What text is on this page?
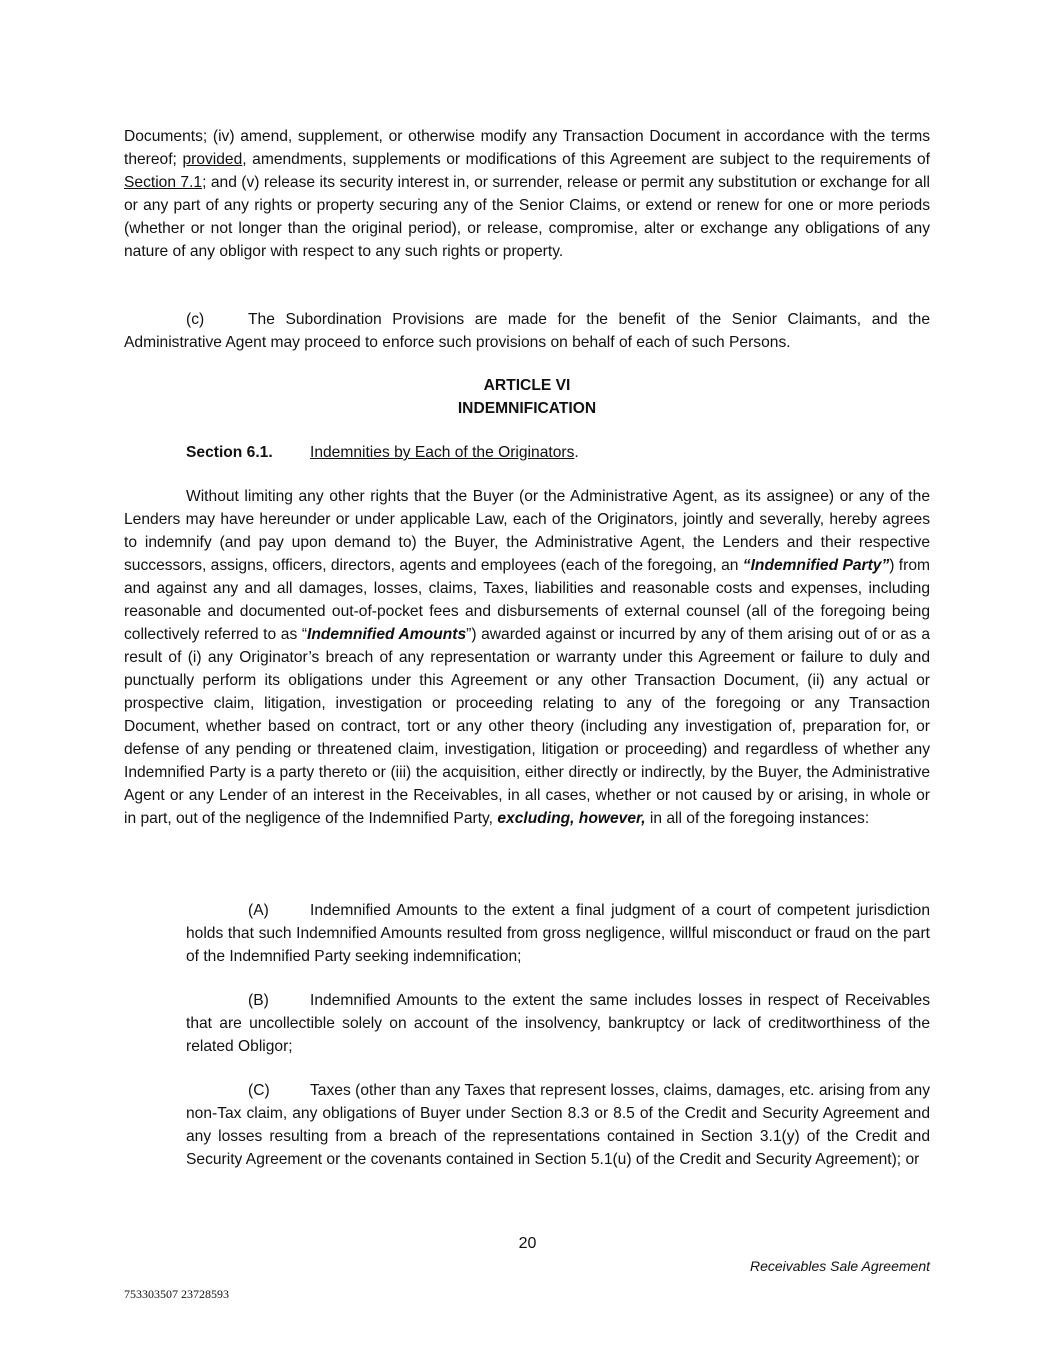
Documents; (iv) amend, supplement, or otherwise modify any Transaction Document in accordance with the terms thereof; provided, amendments, supplements or modifications of this Agreement are subject to the requirements of Section 7.1; and (v) release its security interest in, or surrender, release or permit any substitution or exchange for all or any part of any rights or property securing any of the Senior Claims, or extend or renew for one or more periods (whether or not longer than the original period), or release, compromise, alter or exchange any obligations of any nature of any obligor with respect to any such rights or property.

(c)	The Subordination Provisions are made for the benefit of the Senior Claimants, and the Administrative Agent may proceed to enforce such provisions on behalf of each of such Persons.

ARTICLE VI
INDEMNIFICATION
Section 6.1. Indemnities by Each of the Originators.

Without limiting any other rights that the Buyer (or the Administrative Agent, as its assignee) or any of the Lenders may have hereunder or under applicable Law, each of the Originators, jointly and severally, hereby agrees to indemnify (and pay upon demand to) the Buyer, the Administrative Agent, the Lenders and their respective successors, assigns, officers, directors, agents and employees (each of the foregoing, an “Indemnified Party”) from and against any and all damages, losses, claims, Taxes, liabilities and reasonable costs and expenses, including reasonable and documented out-of-pocket fees and disbursements of external counsel (all of the foregoing being collectively referred to as “Indemnified Amounts”) awarded against or incurred by any of them arising out of or as a result of (i) any Originator’s breach of any representation or warranty under this Agreement or failure to duly and punctually perform its obligations under this Agreement or any other Transaction Document, (ii) any actual or prospective claim, litigation, investigation or proceeding relating to any of the foregoing or any Transaction Document, whether based on contract, tort or any other theory (including any investigation of, preparation for, or defense of any pending or threatened claim, investigation, litigation or proceeding) and regardless of whether any Indemnified Party is a party thereto or (iii) the acquisition, either directly or indirectly, by the Buyer, the Administrative Agent or any Lender of an interest in the Receivables, in all cases, whether or not caused by or arising, in whole or in part, out of the negligence of the Indemnified Party, excluding, however, in all of the foregoing instances:

(A)	Indemnified Amounts to the extent a final judgment of a court of competent jurisdiction holds that such Indemnified Amounts resulted from gross negligence, willful misconduct or fraud on the part of the Indemnified Party seeking indemnification;

(B)	Indemnified Amounts to the extent the same includes losses in respect of Receivables that are uncollectible solely on account of the insolvency, bankruptcy or lack of creditworthiness of the related Obligor;

(C)	Taxes (other than any Taxes that represent losses, claims, damages, etc. arising from any non-Tax claim, any obligations of Buyer under Section 8.3 or 8.5 of the Credit and Security Agreement and any losses resulting from a breach of the representations contained in Section 3.1(y) of the Credit and Security Agreement or the covenants contained in Section 5.1(u) of the Credit and Security Agreement); or

20
Receivables Sale Agreement
753303507 23728593
